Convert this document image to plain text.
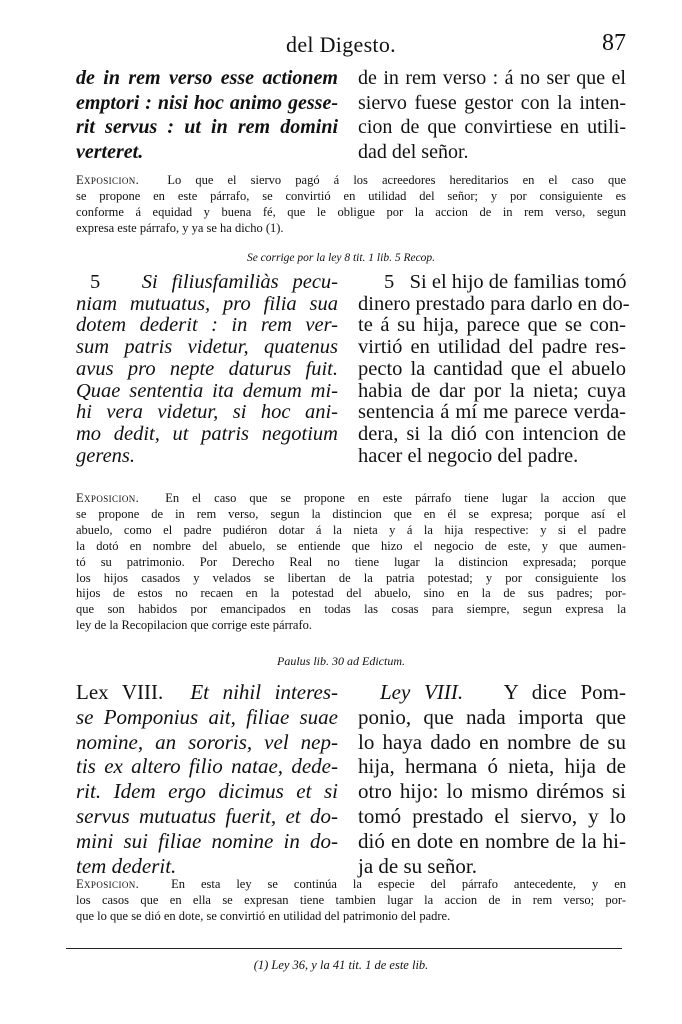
del Digesto.	87
de in rem verso esse actionem
emptori : nisi hoc animo gesse-
rit servus : ut in rem domini
verteret.
de in rem verso : á no ser que el
siervo fuese gestor con la inten-
cion de que convirtiese en utili-
dad del señor.
Exposicion. Lo que el siervo pagó á los acreedores hereditarios en el caso que
se propone en este párrafo, se convirtió en utilidad del señor; y por consiguiente es
conforme á equidad y buena fé, que le obligue por la accion de in rem verso, segun
expresa este párrafo, y ya se ha dicho (1).
Se corrige por la ley 8 tit. 1 lib. 5 Recop.
5 Si filiusfamiliàs pecu-
niam mutuatus, pro filia sua
dotem dederit : in rem ver-
sum patris videtur, quatenus
avus pro nepte daturus fuit.
Quae sententia ita demum mi-
hi vera videtur, si hoc ani-
mo dedit, ut patris negotium
gerens.
5 Si el hijo de familias tomó
dinero prestado para darlo en do-
te á su hija, parece que se con-
virtió en utilidad del padre res-
pecto la cantidad que el abuelo
habia de dar por la nieta; cuya
sentencia á mí me parece verda-
dera, si la dió con intencion de
hacer el negocio del padre.
Exposicion. En el caso que se propone en este párrafo tiene lugar la accion que
se propone de in rem verso, segun la distincion que en él se expresa; porque así el
abuelo, como el padre pudiéron dotar á la nieta y á la hija respective: y si el padre
la dotó en nombre del abuelo, se entiende que hizo el negocio de este, y que aumen-
tó su patrimonio. Por Derecho Real no tiene lugar la distincion expresada; porque
los hijos casados y velados se libertan de la patria potestad; y por consiguiente los
hijos de estos no recaen en la potestad del abuelo, sino en la de sus padres; por-
que son habidos por emancipados en todas las cosas para siempre, segun expresa la
ley de la Recopilacion que corrige este párrafo.
Paulus lib. 30 ad Edictum.
Lex VIII. Et nihil interes-
se Pomponius ait, filiae suae
nomine, an sororis, vel nep-
tis ex altero filio natae, dede-
rit. Idem ergo dicimus et si
servus mutuatus fuerit, et do-
mini sui filiae nomine in do-
tem dederit.
Ley VIII. Y dice Pom-
ponio, que nada importa que
lo haya dado en nombre de su
hija, hermana ó nieta, hija de
otro hijo: lo mismo dirémos si
tomó prestado el siervo, y lo
dió en dote en nombre de la hi-
ja de su señor.
Exposicion.	En esta ley se continúa la especie del párrafo antecedente, y en
los casos que en ella se expresan tiene tambien lugar la accion de in rem verso; por-
que lo que se dió en dote, se convirtió en utilidad del patrimonio del padre.
(1) Ley 36, y la 41 tit. 1 de este lib.
